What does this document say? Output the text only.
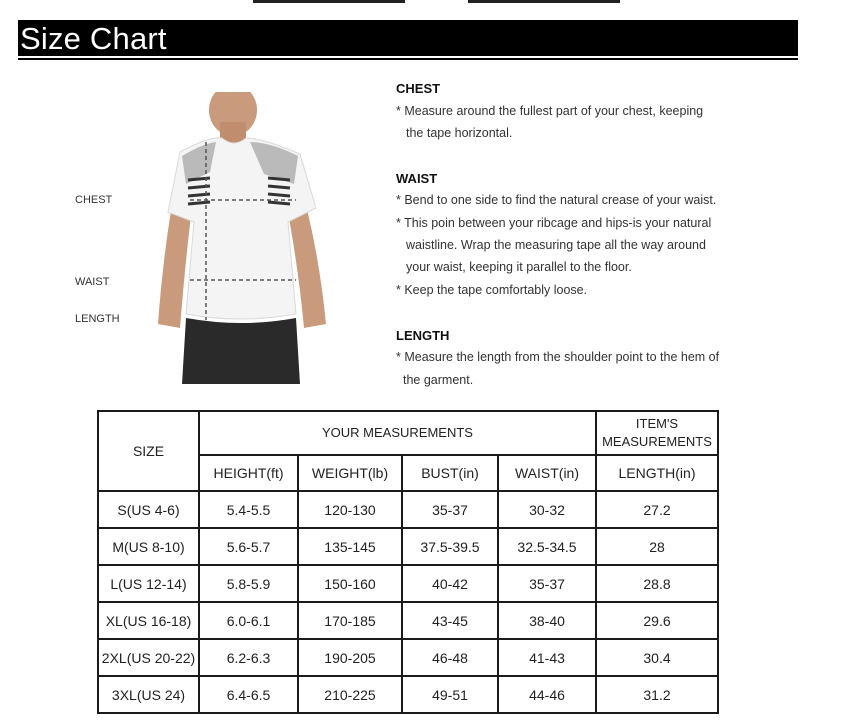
Size Chart
CHEST
WAIST
LENGTH
CHEST
* Measure around the fullest part of your chest, keeping
the tape horizontal.
WAIST
* Bend to one side to find the natural crease of your waist.
* This poin between your ribcage and hips-is your natural
waistline. Wrap the measuring tape all the way around
your waist, keeping it parallel to the floor.
* Keep the tape comfortably loose.
LENGTH
* Measure the length from the shoulder point to the hem of
the garment.
SIZE	YOUR MEASUREMENTS				ITEM'S
MEASUREMENTS

	HEIGHT(ft)	WEIGHT(lb)	BUST(in)	WAIST(in)	LENGTH(in)
S(US 4-6)	5.4-5.5	120-130	35-37	30-32	27.2
M(US 8-10)	5.6-5.7	135-145	37.5-39.5	32.5-34.5	28
L(US 12-14)	5.8-5.9	150-160	40-42	35-37	28.8
XL(US 16-18)	6.0-6.1	170-185	43-45	38-40	29.6
2XL(US 20-22)	6.2-6.3	190-205	46-48	41-43	30.4
3XL(US 24)	6.4-6.5	210-225	49-51	44-46	31.2
